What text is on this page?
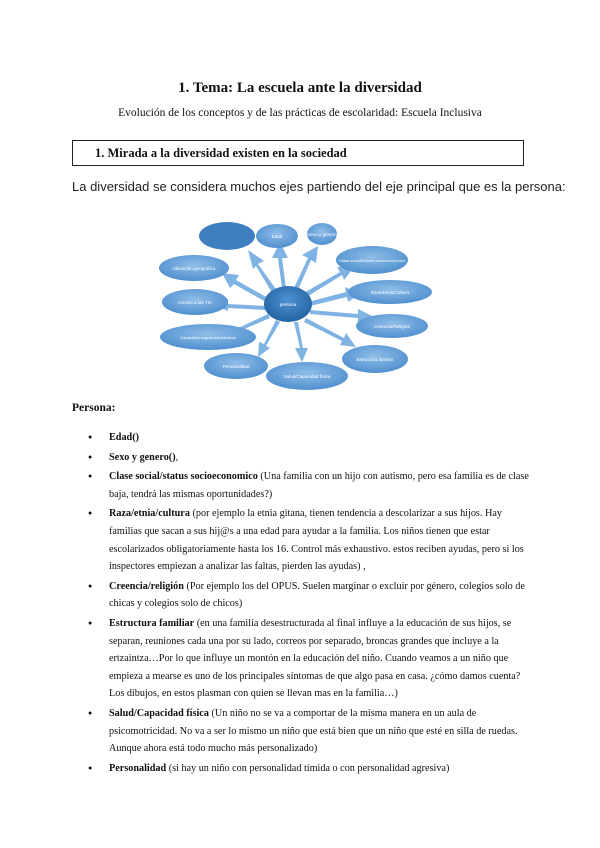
1. Tema: La escuela ante la diversidad
Evolución de los conceptos y de las prácticas de escolaridad: Escuela Inclusiva
1. Mirada a la diversidad existen en la sociedad
La diversidad se considera muchos ejes partiendo del eje principal que es la persona:
persona
Edad	Sexo y género
Clase social/Estatus socioeconómico
Raza/Etnia/Cultura
Creencia/Religión
Estructura familiar
Salud/Capacidad física
Personalidad
Capacidad cognitiva/intelectual
Acceso a las TIC
Ubicación geográfica
Persona:
● Edad()
● Sexo y genero(),
● Clase social/status socioeconomico (Una familia con un hijo con autismo, pero esa familia es de clase baja, tendrá las mismas oportunidades?)
● Raza/etnia/cultura (por ejemplo la etnia gitana, tienen tendencia a descolarizar a sus hijos. Hay familias que sacan a sus hij@s a una edad para ayudar a la familia. Los niños tienen que estar escolarizados obligatoriamente hasta los 16. Control más exhaustivo. estos reciben ayudas, pero si los inspectores empiezan a analizar las faltas, pierden las ayudas) ,
● Creencia/religión (Por ejemplo los del OPUS. Suelen marginar o excluir por género, colegios solo de chicas y colegios solo de chicos)
● Estructura familiar (en una familia desestructurada al final influye a la educación de sus hijos, se separan, reuniones cada una por su lado, correos por separado, broncas grandes que incluye a la ertzaintza…Por lo que influye un montón en la educación del niño. Cuando veamos a un niño que empieza a mearse es uno de los principales síntomas de que algo pasa en casa. ¿cómo damos cuenta? Los dibujos, en estos plasman con quien se llevan mas en la familia…)
● Salud/Capacidad física (Un niño no se va a comportar de la misma manera en un aula de psicomotricidad. No va a ser lo mismo un niño que está bien que un niño que esté en silla de ruedas. Aunque ahora está todo mucho más personalizado)
● Personalidad (si hay un niño con personalidad tímida o con personalidad agresiva)
